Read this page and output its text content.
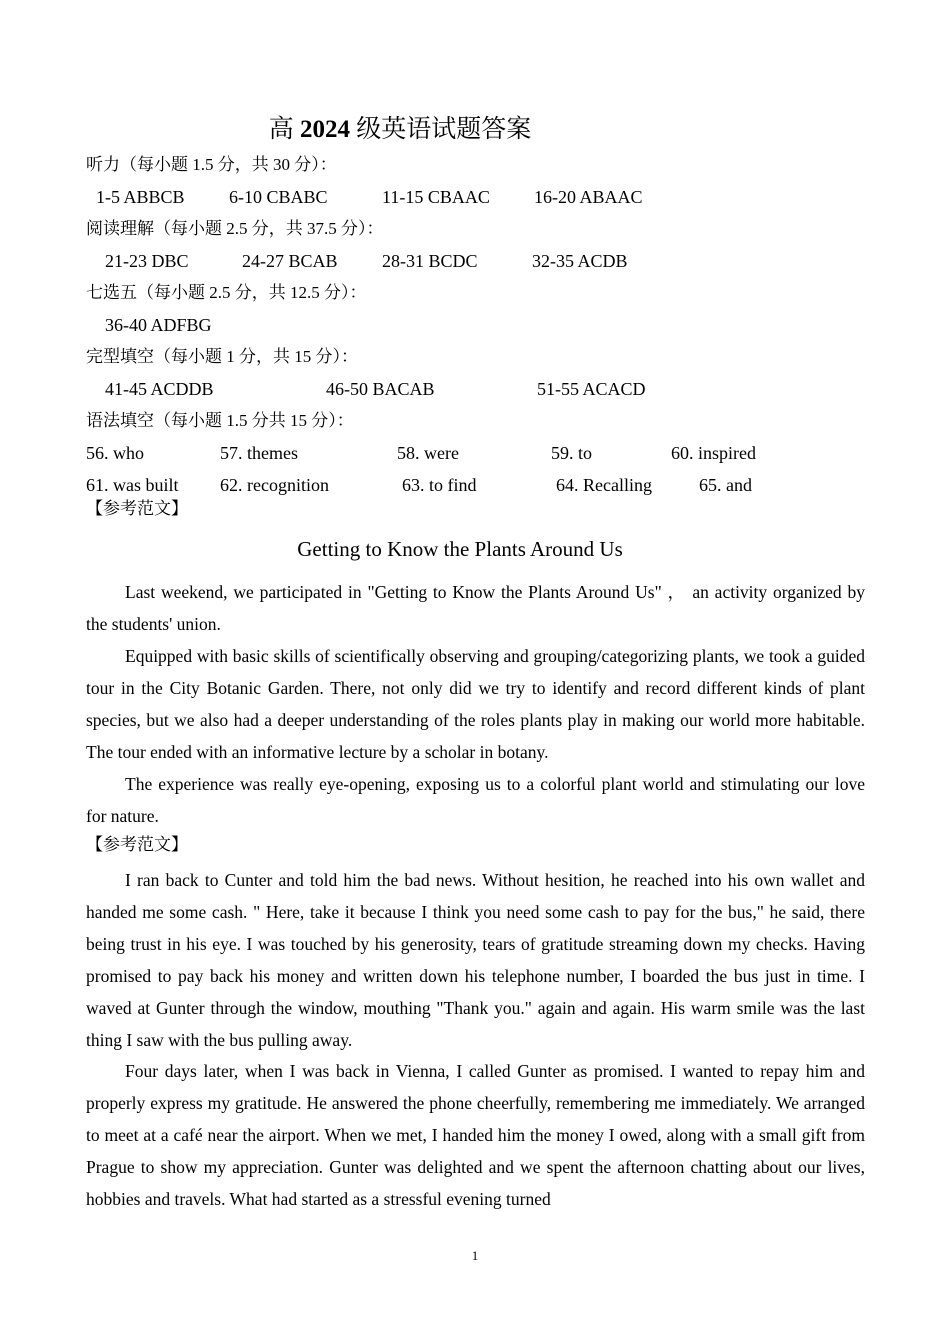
高 2024 级英语试题答案
听力（每小题 1.5 分，共 30 分）：
1-5 ABBCB 6-10 CBABC	11-15 CBAAC 16-20 ABAAC
阅读理解（每小题 2.5 分，共 37.5 分）：
21-23 DBC	24-27 BCAB 28-31 BCDC	32-35 ACDB
七选五（每小题 2.5 分，共 12.5 分）：
36-40 ADFBG
完型填空（每小题 1 分，共 15 分）：
41-45 ACDDB	46-50 BACAB	51-55 ACACD
语法填空（每小题 1.5 分共 15 分）：
56. who	57. themes	58. were	59. to	60. inspired
61. was built 62. recognition	63. to find	64. Recalling	65. and
【参考范文】
Getting to Know the Plants Around Us

Last weekend, we participated in "Getting to Know the Plants Around Us" ， an activity organized by the students' union.

Equipped with basic skills of scientifically observing and grouping/categorizing plants, we took a guided tour in the City Botanic Garden. There, not only did we try to identify and record different kinds of plant species, but we also had a deeper understanding of the roles plants play in making our world more habitable. The tour ended with an informative lecture by a scholar in botany.

The experience was really eye-opening, exposing us to a colorful plant world and stimulating our love for nature.

【参考范文】

I ran back to Cunter and told him the bad news. Without hesition, he reached into his own wallet and handed me some cash. " Here, take it because I think you need some cash to pay for the bus," he said, there being trust in his eye. I was touched by his generosity, tears of gratitude streaming down my checks. Having promised to pay back his money and written down his telephone number, I boarded the bus just in time. I waved at Gunter through the window, mouthing "Thank you." again and again. His warm smile was the last thing I saw with the bus pulling away.

Four days later, when I was back in Vienna, I called Gunter as promised. I wanted to repay him and properly express my gratitude. He answered the phone cheerfully, remembering me immediately. We arranged to meet at a café near the airport. When we met, I handed him the money I owed, along with a small gift from Prague to show my appreciation. Gunter was delighted and we spent the afternoon chatting about our lives, hobbies and travels. What had started as a stressful evening turned

1
